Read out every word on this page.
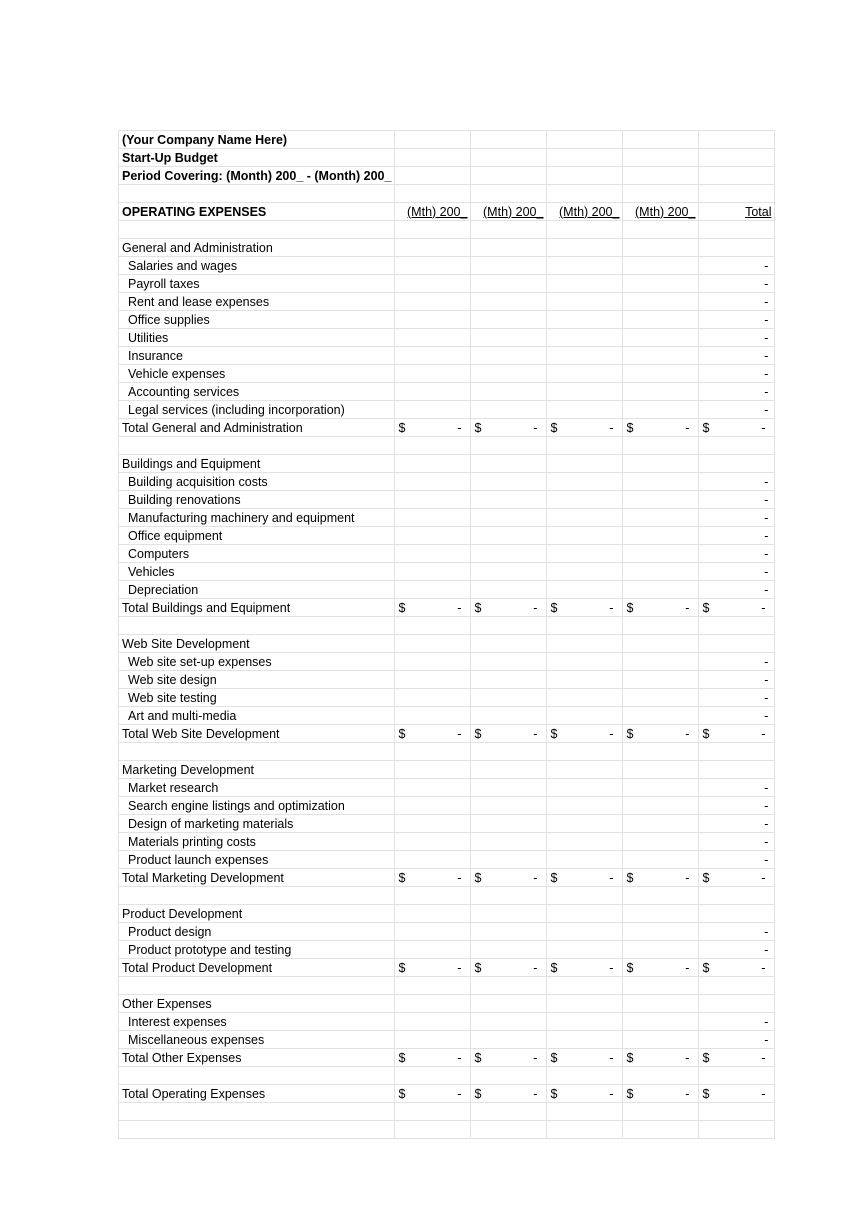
(Your Company Name Here)					
Start-Up Budget					
Period Covering: (Month) 200_ - (Month) 200_					

OPERATING EXPENSES	(Mth) 200_	(Mth) 200_	(Mth) 200_	(Mth) 200_	Total

General and Administration					
Salaries and wages					-
Payroll taxes					-
Rent and lease expenses					-
Office supplies					-
Utilities					-
Insurance					-
Vehicle expenses					-
Accounting services					-
Legal services (including incorporation)					-
Total General and Administration	$ -	$ -	$ -	$ -	$ -

Buildings and Equipment					
Building acquisition costs					-
Building renovations					-
Manufacturing machinery and equipment					-
Office equipment					-
Computers					-
Vehicles					-
Depreciation					-
Total Buildings and Equipment	$ -	$ -	$ -	$ -	$ -

Web Site Development					
Web site set-up expenses					-
Web site design					-
Web site testing					-
Art and multi-media					-
Total Web Site Development	$ -	$ -	$ -	$ -	$ -

Marketing Development					
Market research					-
Search engine listings and optimization					-
Design of marketing materials					-
Materials printing costs					-
Product launch expenses					-
Total Marketing Development	$ -	$ -	$ -	$ -	$ -

Product Development					
Product design					-
Product prototype and testing					-
Total Product Development	$ -	$ -	$ -	$ -	$ -

Other Expenses					
Interest expenses					-
Miscellaneous expenses					-
Total Other Expenses	$ -	$ -	$ -	$ -	$ -

Total Operating Expenses	$ -	$ -	$ -	$ -	$ -
